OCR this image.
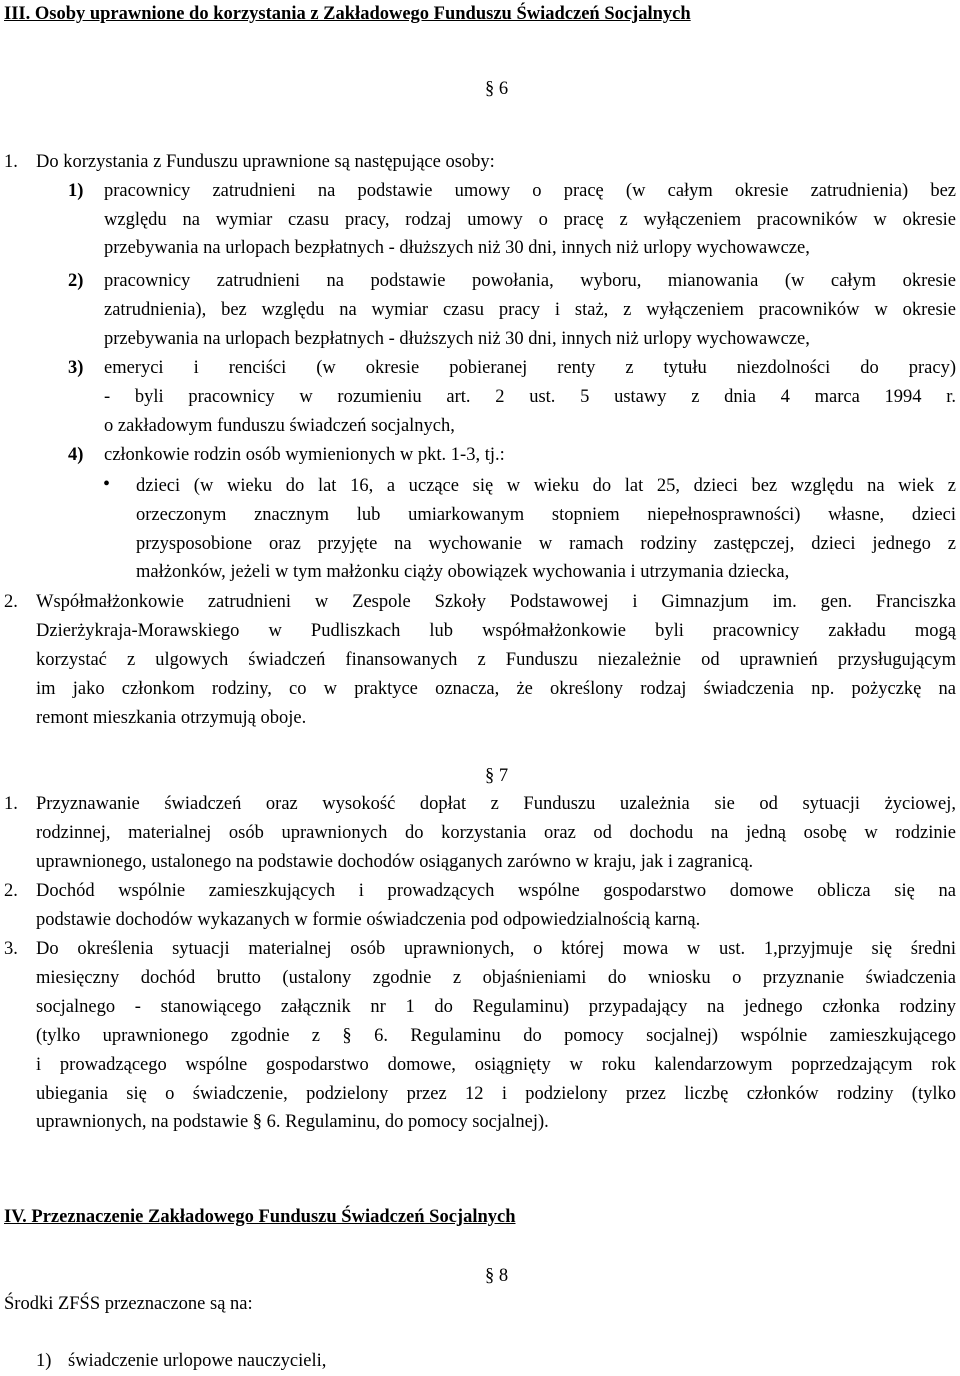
III. Osoby uprawnione do korzystania z Zakładowego Funduszu Świadczeń Socjalnych
§ 6
1. Do korzystania z Funduszu uprawnione są następujące osoby:
1) pracownicy zatrudnieni na podstawie umowy o pracę (w całym okresie zatrudnienia) bez
względu na wymiar czasu pracy, rodzaj umowy o pracę z wyłączeniem pracowników w okresie
przebywania na urlopach bezpłatnych - dłuższych niż 30 dni, innych niż urlopy wychowawcze,
2) pracownicy zatrudnieni na podstawie powołania, wyboru, mianowania (w całym okresie
zatrudnienia), bez względu na wymiar czasu pracy i staż, z wyłączeniem pracowników w okresie
przebywania na urlopach bezpłatnych - dłuższych niż 30 dni, innych niż urlopy wychowawcze,
3) emeryci i renciści (w okresie pobieranej renty z tytułu niezdolności do pracy)
- byli pracownicy w rozumieniu art. 2 ust. 5 ustawy z dnia 4 marca 1994 r.
o zakładowym funduszu świadczeń socjalnych,
4) członkowie rodzin osób wymienionych w pkt. 1-3, tj.:
• dzieci (w wieku do lat 16, a uczące się w wieku do lat 25, dzieci bez względu na wiek z
orzeczonym znacznym lub umiarkowanym stopniem niepełnosprawności) własne, dzieci
przysposobione oraz przyjęte na wychowanie w ramach rodziny zastępczej, dzieci jednego z
małżonków, jeżeli w tym małżonku ciąży obowiązek wychowania i utrzymania dziecka,
2. Współmałżonkowie zatrudnieni w Zespole Szkoły Podstawowej i Gimnazjum im. gen. Franciszka
Dzierżykraja-Morawskiego w Pudliszkach lub współmałżonkowie byli pracownicy zakładu mogą
korzystać z ulgowych świadczeń finansowanych z Funduszu niezależnie od uprawnień przysługującym
im jako członkom rodziny, co w praktyce oznacza, że określony rodzaj świadczenia np. pożyczkę na
remont mieszkania otrzymują oboje.
§ 7
1. Przyznawanie świadczeń oraz wysokość dopłat z Funduszu uzależnia sie od sytuacji życiowej,
rodzinnej, materialnej osób uprawnionych do korzystania oraz od dochodu na jedną osobę w rodzinie
uprawnionego, ustalonego na podstawie dochodów osiąganych zarówno w kraju, jak i zagranicą.
2. Dochód wspólnie zamieszkujących i prowadzących wspólne gospodarstwo domowe oblicza się na
podstawie dochodów wykazanych w formie oświadczenia pod odpowiedzialnością karną.
3. Do określenia sytuacji materialnej osób uprawnionych, o której mowa w ust. 1,przyjmuje się średni
miesięczny dochód brutto (ustalony zgodnie z objaśnieniami do wniosku o przyznanie świadczenia
socjalnego - stanowiącego załącznik nr 1 do Regulaminu) przypadający na jednego członka rodziny
(tylko uprawnionego zgodnie z § 6. Regulaminu do pomocy socjalnej) wspólnie zamieszkującego
i prowadzącego wspólne gospodarstwo domowe, osiągnięty w roku kalendarzowym poprzedzającym rok
ubiegania się o świadczenie, podzielony przez 12 i podzielony przez liczbę członków rodziny (tylko
uprawnionych, na podstawie § 6. Regulaminu, do pomocy socjalnej).
IV. Przeznaczenie Zakładowego Funduszu Świadczeń Socjalnych
§ 8
Środki ZFŚS przeznaczone są na:
1) świadczenie urlopowe nauczycieli,
